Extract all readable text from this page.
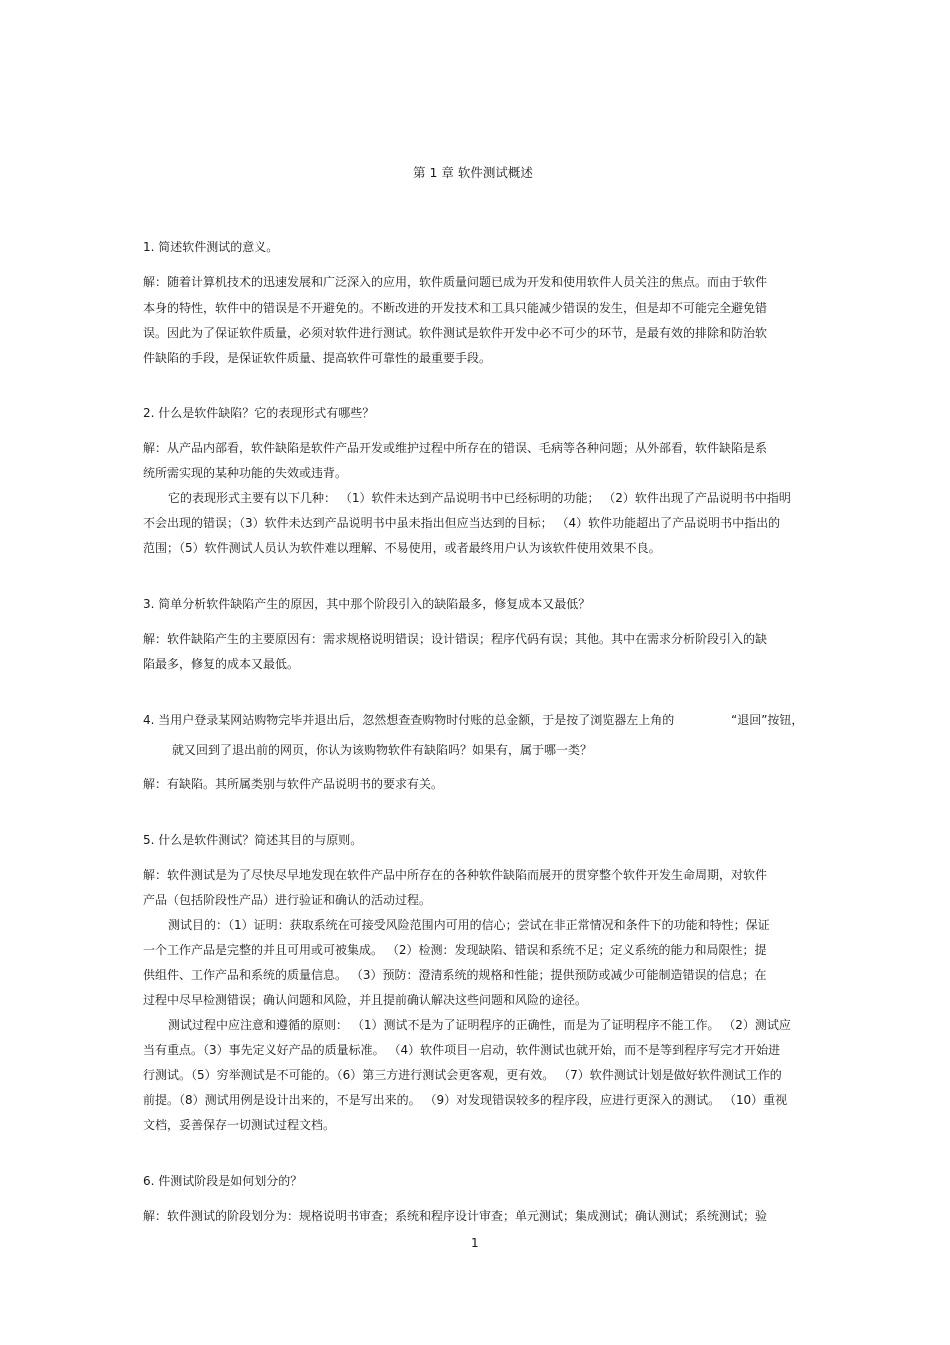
第 1 章 软件测试概述
1. 简述软件测试的意义。
解：随着计算机技术的迅速发展和广泛深入的应用，软件质量问题已成为开发和使用软件人员关注的焦点。而由于软件
本身的特性，软件中的错误是不开避免的。不断改进的开发技术和工具只能减少错误的发生，但是却不可能完全避免错
误。因此为了保证软件质量，必须对软件进行测试。软件测试是软件开发中必不可少的环节，是最有效的排除和防治软
件缺陷的手段，是保证软件质量、提高软件可靠性的最重要手段。
2. 什么是软件缺陷？它的表现形式有哪些？
解：从产品内部看，软件缺陷是软件产品开发或维护过程中所存在的错误、毛病等各种问题；从外部看，软件缺陷是系
统所需实现的某种功能的失效或违背。
它的表现形式主要有以下几种： （1）软件未达到产品说明书中已经标明的功能； （2）软件出现了产品说明书中指明
不会出现的错误；（3）软件未达到产品说明书中虽未指出但应当达到的目标； （4）软件功能超出了产品说明书中指出的
范围；（5）软件测试人员认为软件难以理解、不易使用，或者最终用户认为该软件使用效果不良。
3. 简单分析软件缺陷产生的原因，其中那个阶段引入的缺陷最多，修复成本又最低？
解：软件缺陷产生的主要原因有：需求规格说明错误；设计错误；程序代码有误；其他。其中在需求分析阶段引入的缺
陷最多，修复的成本又最低。
4. 当用户登录某网站购物完毕并退出后，忽然想查查购物时付账的总金额，于是按了浏览器左上角的	“退回”按钮，
就又回到了退出前的网页，你认为该购物软件有缺陷吗？如果有，属于哪一类？
解：有缺陷。其所属类别与软件产品说明书的要求有关。
5. 什么是软件测试？简述其目的与原则。
解：软件测试是为了尽快尽早地发现在软件产品中所存在的各种软件缺陷而展开的贯穿整个软件开发生命周期，对软件
产品（包括阶段性产品）进行验证和确认的活动过程。
测试目的：（1）证明：获取系统在可接受风险范围内可用的信心；尝试在非正常情况和条件下的功能和特性；保证
一个工作产品是完整的并且可用或可被集成。 （2）检测：发现缺陷、错误和系统不足；定义系统的能力和局限性；提
供组件、工作产品和系统的质量信息。 （3）预防：澄清系统的规格和性能；提供预防或减少可能制造错误的信息；在
过程中尽早检测错误；确认问题和风险，并且提前确认解决这些问题和风险的途径。
测试过程中应注意和遵循的原则： （1）测试不是为了证明程序的正确性，而是为了证明程序不能工作。 （2）测试应
当有重点。（3）事先定义好产品的质量标准。 （4）软件项目一启动，软件测试也就开始，而不是等到程序写完才开始进
行测试。（5）穷举测试是不可能的。（6）第三方进行测试会更客观，更有效。 （7）软件测试计划是做好软件测试工作的
前提。（8）测试用例是设计出来的，不是写出来的。 （9）对发现错误较多的程序段，应进行更深入的测试。 （10）重视
文档，妥善保存一切测试过程文档。
6. 件测试阶段是如何划分的？
解：软件测试的阶段划分为：规格说明书审查；系统和程序设计审查；单元测试；集成测试；确认测试；系统测试；验
1
